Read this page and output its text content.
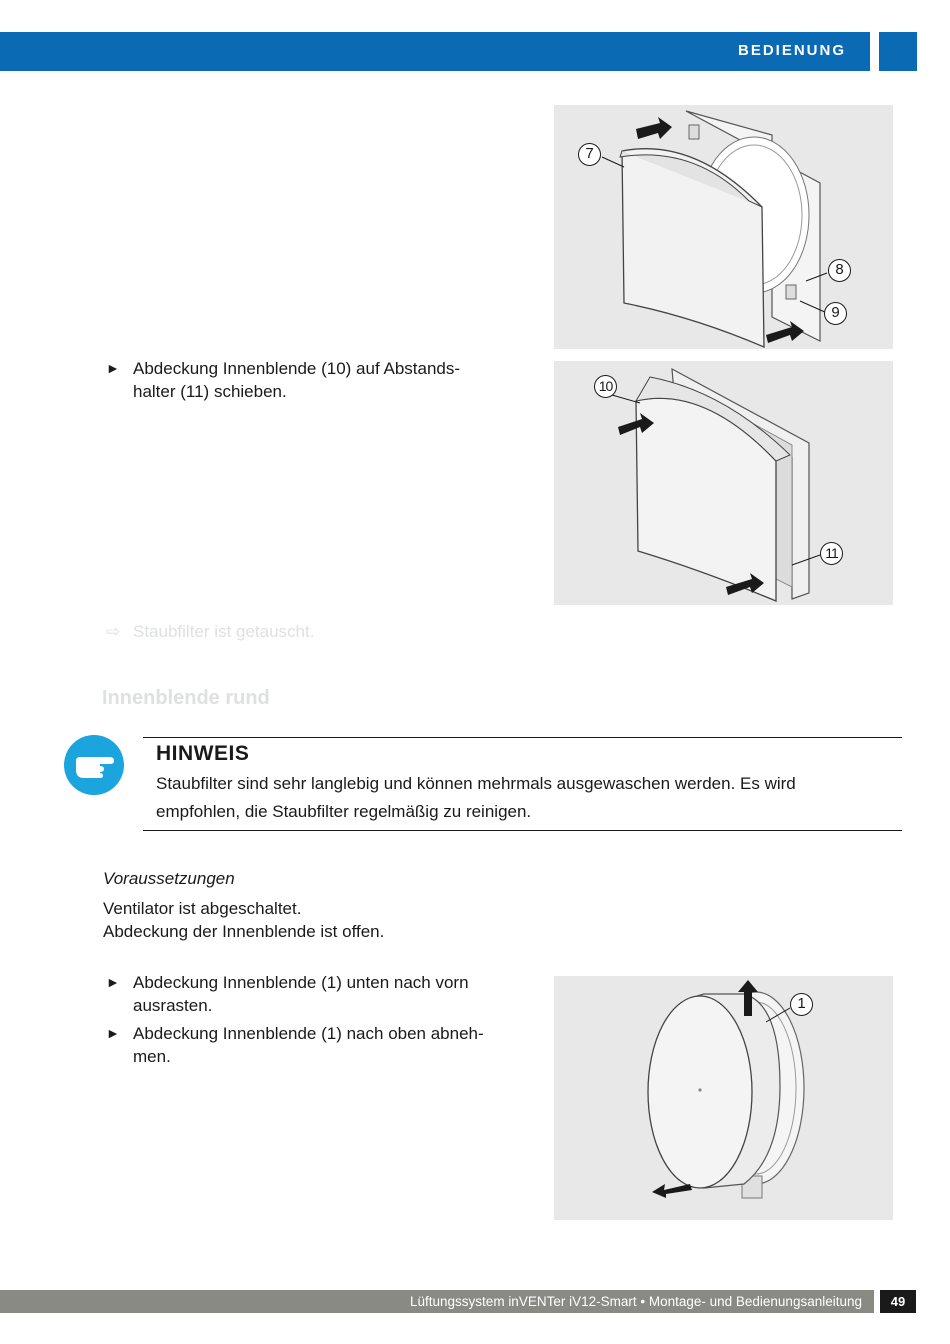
BEDIENUNG
7
8
9
► Abdeckung Innenblende (10) auf Abstands-
halter (11) schieben.	10
11
⇨ Staubfilter ist getauscht.
Innenblende rund
HINWEIS
Staubfilter sind sehr langlebig und können mehrmals ausgewaschen werden. Es wird empfohlen, die Staubfilter regelmäßig zu reinigen.
Voraussetzungen
Ventilator ist abgeschaltet.
Abdeckung der Innenblende ist offen.
► Abdeckung Innenblende (1) unten nach vorn
ausrasten.
► Abdeckung Innenblende (1) nach oben abneh-
men.
1
Lüftungssystem inVENTer iV12-Smart • Montage- und Bedienungsanleitung	49
